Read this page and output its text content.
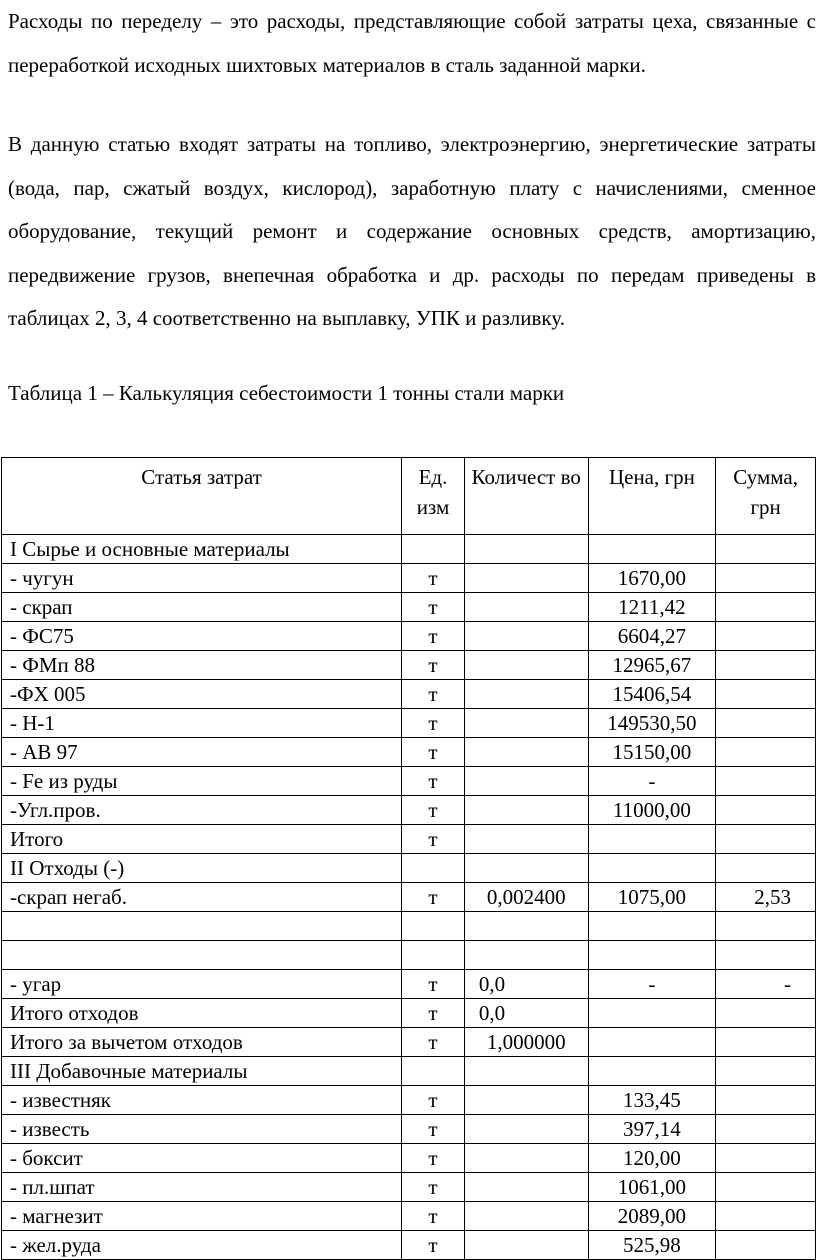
Расходы по переделу – это расходы, представляющие собой затраты цеха, связанные с переработкой исходных шихтовых материалов в сталь заданной марки.

В данную статью входят затраты на топливо, электроэнергию, энергетические затраты (вода, пар, сжатый воздух, кислород), заработную плату с начислениями, сменное оборудование, текущий ремонт и содержание основных средств, амортизацию, передвижение грузов, внепечная обработка и др. расходы по передам приведены в таблицах 2, 3, 4 соответственно на выплавку, УПК и разливку.

Таблица 1 – Калькуляция себестоимости 1 тонны стали марки

Статья затрат	Ед. изм	Количест во	Цена, грн	Сумма, грн
I Сырье и основные материалы				
- чугун	т		1670,00	
- скрап	т		1211,42	
- ФС75	т		6604,27	
- ФМп 88	т		12965,67	
-ФХ 005	т		15406,54	
- Н-1	т		149530,50	
- АВ 97	т		15150,00	
- Fe из руды	т		-	
-Угл.пров.	т		11000,00	
Итого	т			
II Отходы (-)				
-скрап негаб.	т	0,002400	1075,00	2,53

- угар	т	0,0	-	-
Итого отходов	т	0,0		
Итого за вычетом отходов	т	1,000000		
III Добавочные материалы				
- известняк	т		133,45	
- известь	т		397,14	
- боксит	т		120,00	
- пл.шпат	т		1061,00	
- магнезит	т		2089,00	
- жел.руда	т		525,98	
